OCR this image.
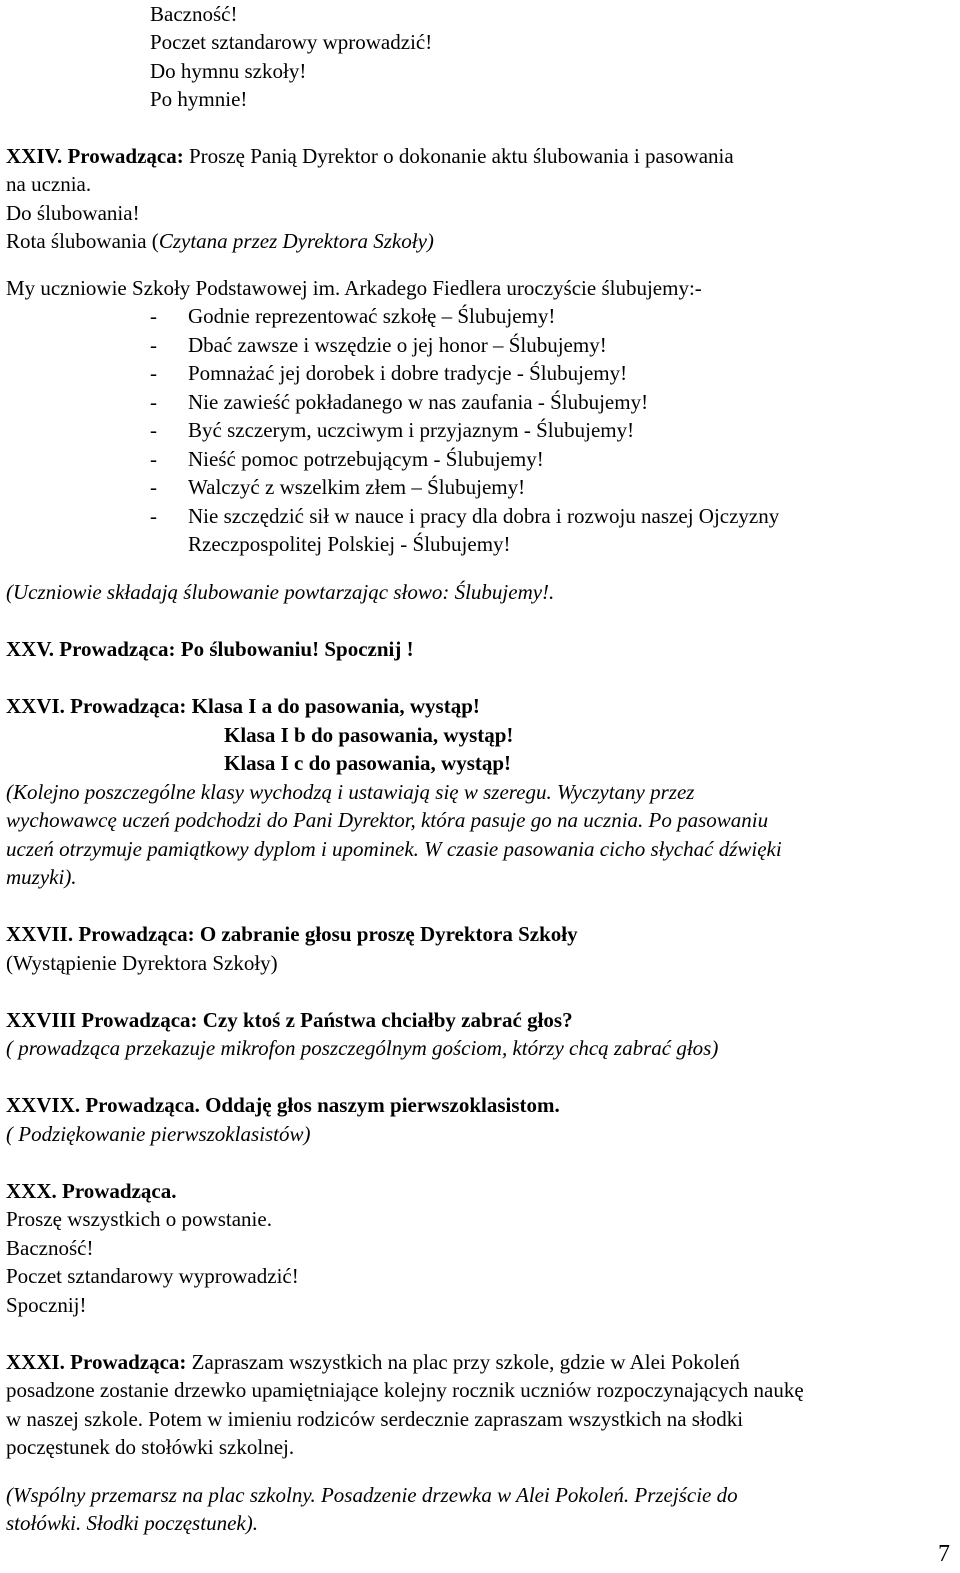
Baczność!
Poczet sztandarowy wprowadzić!
Do hymnu szkoły!
Po hymnie!
XXIV. Prowadząca: Proszę Panią Dyrektor o dokonanie aktu ślubowania i pasowania
na ucznia.
Do ślubowania!
Rota ślubowania (Czytana przez Dyrektora Szkoły)
My uczniowie Szkoły Podstawowej im. Arkadego Fiedlera uroczyście ślubujemy:-
- Godnie reprezentować szkołę – Ślubujemy!
- Dbać zawsze i wszędzie o jej honor – Ślubujemy!
- Pomnażać jej dorobek i dobre tradycje - Ślubujemy!
- Nie zawieść pokładanego w nas zaufania - Ślubujemy!
- Być szczerym, uczciwym i przyjaznym - Ślubujemy!
- Nieść pomoc potrzebującym - Ślubujemy!
- Walczyć z wszelkim złem – Ślubujemy!
- Nie szczędzić sił w nauce i pracy dla dobra i rozwoju naszej Ojczyzny
Rzeczpospolitej Polskiej - Ślubujemy!
(Uczniowie składają ślubowanie powtarzając słowo: Ślubujemy!.
XXV. Prowadząca: Po ślubowaniu! Spocznij !
XXVI. Prowadząca: Klasa I a do pasowania, wystąp!
Klasa I b do pasowania, wystąp!
Klasa I c do pasowania, wystąp!
(Kolejno poszczególne klasy wychodzą i ustawiają się w szeregu. Wyczytany przez
wychowawcę uczeń podchodzi do Pani Dyrektor, która pasuje go na ucznia. Po pasowaniu
uczeń otrzymuje pamiątkowy dyplom i upominek. W czasie pasowania cicho słychać dźwięki
muzyki).
XXVII. Prowadząca: O zabranie głosu proszę Dyrektora Szkoły
(Wystąpienie Dyrektora Szkoły)
XXVIII Prowadząca: Czy ktoś z Państwa chciałby zabrać głos?
( prowadząca przekazuje mikrofon poszczególnym gościom, którzy chcą zabrać głos)
XXVIX. Prowadząca. Oddaję głos naszym pierwszoklasistom.
( Podziękowanie pierwszoklasistów)
XXX. Prowadząca.
Proszę wszystkich o powstanie.
Baczność!
Poczet sztandarowy wyprowadzić!
Spocznij!
XXXI. Prowadząca: Zapraszam wszystkich na plac przy szkole, gdzie w Alei Pokoleń
posadzone zostanie drzewko upamiętniające kolejny rocznik uczniów rozpoczynających naukę
w naszej szkole. Potem w imieniu rodziców serdecznie zapraszam wszystkich na słodki
poczęstunek do stołówki szkolnej.
(Wspólny przemarsz na plac szkolny. Posadzenie drzewka w Alei Pokoleń. Przejście do
stołówki. Słodki poczęstunek).
7
